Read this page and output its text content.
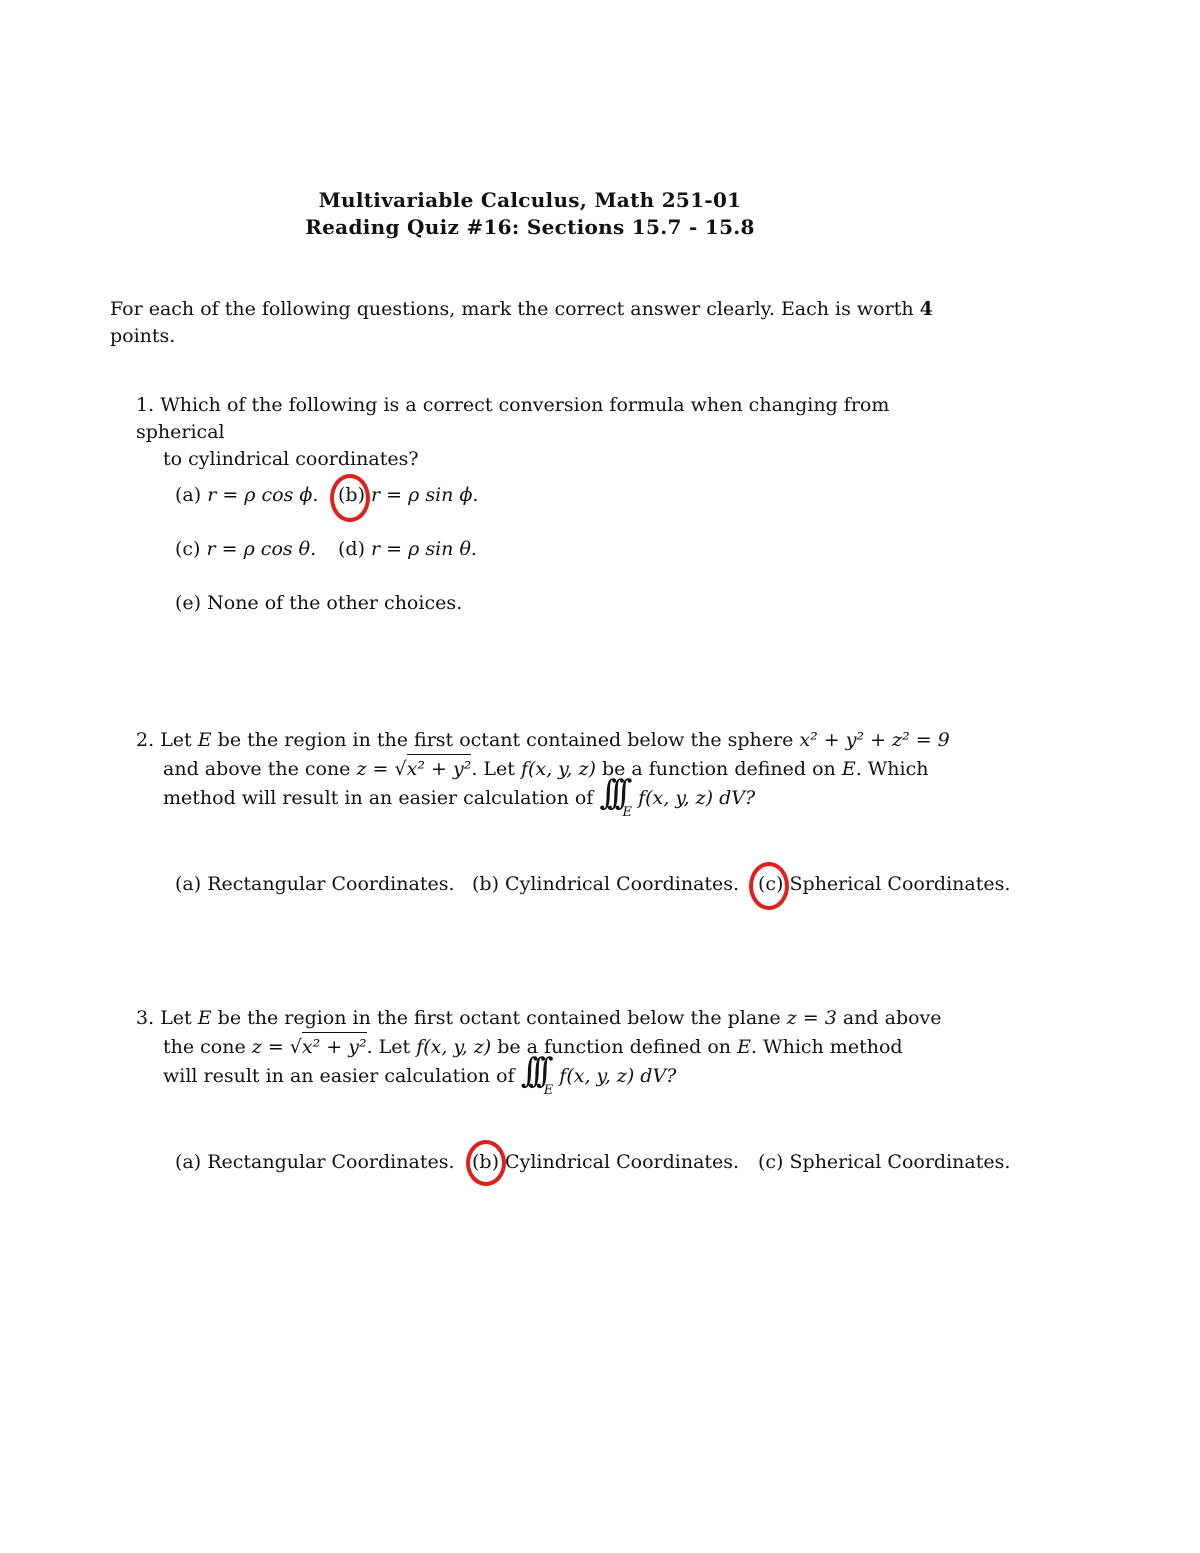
Multivariable Calculus, Math 251-01
Reading Quiz #16: Sections 15.7 - 15.8
For each of the following questions, mark the correct answer clearly. Each is worth 4
points.
1. Which of the following is a correct conversion formula when changing from spherical
to cylindrical coordinates?
(a) r = ρ cos ϕ. (b) r = ρ sin ϕ.
(c) r = ρ cos θ. (d) r = ρ sin θ.
(e) None of the other choices.
2. Let E be the region in the first octant contained below the sphere x² + y² + z² = 9
and above the cone z = √x² + y². Let f(x, y, z) be a function defined on E. Which
method will result in an easier calculation of $\int\int\int_E$ f(x, y, z) dV?
(a) Rectangular Coordinates. (b) Cylindrical Coordinates. (c) Spherical Coordinates.
3. Let E be the region in the first octant contained below the plane z = 3 and above
the cone z = √x² + y². Let f(x, y, z) be a function defined on E. Which method
will result in an easier calculation of $\int\int\int_E$ f(x, y, z) dV?
(a) Rectangular Coordinates. (b) Cylindrical Coordinates. (c) Spherical Coordinates.
